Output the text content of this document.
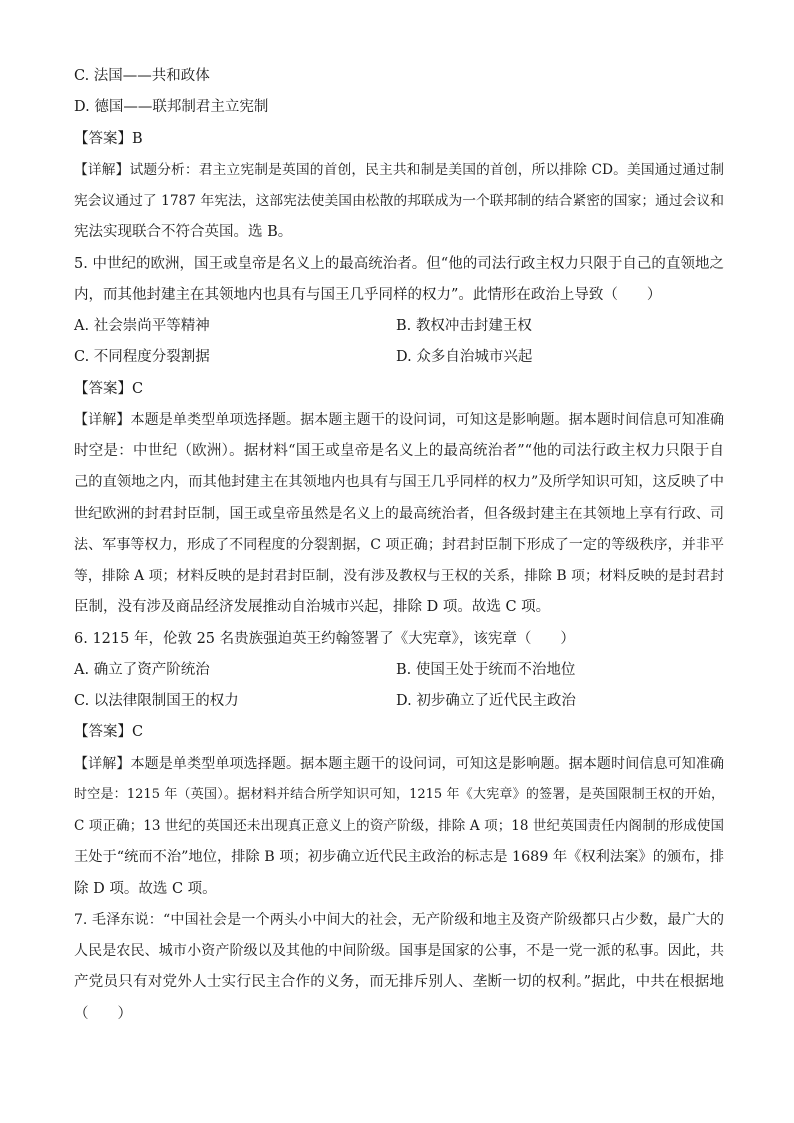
C. 法国——共和政体
D. 德国——联邦制君主立宪制
【答案】B
【详解】试题分析：君主立宪制是英国的首创，民主共和制是美国的首创，所以排除 CD。美国通过通过制
宪会议通过了 1787 年宪法，这部宪法使美国由松散的邦联成为一个联邦制的结合紧密的国家；通过会议和
宪法实现联合不符合英国。选 B。
5. 中世纪的欧洲，国王或皇帝是名义上的最高统治者。但“他的司法行政主权力只限于自己的直领地之
内，而其他封建主在其领地内也具有与国王几乎同样的权力”。此情形在政治上导致（　　）
A. 社会崇尚平等精神	B. 教权冲击封建王权
C. 不同程度分裂割据	D. 众多自治城市兴起
【答案】C
【详解】本题是单类型单项选择题。据本题主题干的设问词，可知这是影响题。据本题时间信息可知准确
时空是：中世纪（欧洲）。据材料“国王或皇帝是名义上的最高统治者”“他的司法行政主权力只限于自
己的直领地之内，而其他封建主在其领地内也具有与国王几乎同样的权力”及所学知识可知，这反映了中
世纪欧洲的封君封臣制，国王或皇帝虽然是名义上的最高统治者，但各级封建主在其领地上享有行政、司
法、军事等权力，形成了不同程度的分裂割据，C 项正确；封君封臣制下形成了一定的等级秩序，并非平
等，排除 A 项；材料反映的是封君封臣制，没有涉及教权与王权的关系，排除 B 项；材料反映的是封君封
臣制，没有涉及商品经济发展推动自治城市兴起，排除 D 项。故选 C 项。
6. 1215 年，伦敦 25 名贵族强迫英王约翰签署了《大宪章》，该宪章（　　）
A. 确立了资产阶统治	B. 使国王处于统而不治地位
C. 以法律限制国王的权力	D. 初步确立了近代民主政治
【答案】C
【详解】本题是单类型单项选择题。据本题主题干的设问词，可知这是影响题。据本题时间信息可知准确
时空是：1215 年（英国）。据材料并结合所学知识可知，1215 年《大宪章》的签署，是英国限制王权的开始，
C 项正确；13 世纪的英国还未出现真正意义上的资产阶级，排除 A 项；18 世纪英国责任内阁制的形成使国
王处于“统而不治”地位，排除 B 项；初步确立近代民主政治的标志是 1689 年《权利法案》的颁布，排
除 D 项。故选 C 项。
7. 毛泽东说：“中国社会是一个两头小中间大的社会，无产阶级和地主及资产阶级都只占少数，最广大的
人民是农民、城市小资产阶级以及其他的中间阶级。国事是国家的公事，不是一党一派的私事。因此，共
产党员只有对党外人士实行民主合作的义务，而无排斥别人、垄断一切的权利。”据此，中共在根据地
（　　）
